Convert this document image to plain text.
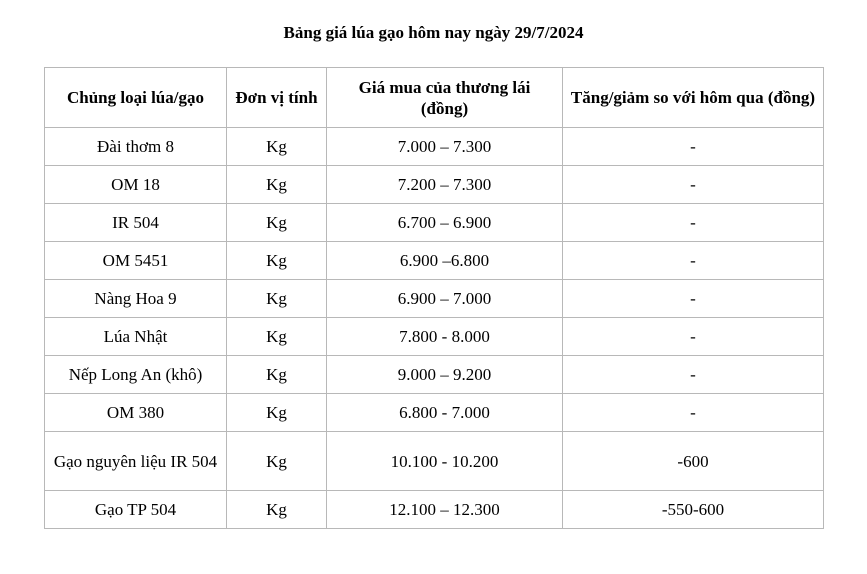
Bảng giá lúa gạo hôm nay ngày 29/7/2024
Chủng loại lúa/gạo	Đơn vị tính	Giá mua của thương lái (đồng)	Tăng/giảm so với hôm qua (đồng)
Đài thơm 8	Kg	7.000 – 7.300	-
OM 18	Kg	7.200 – 7.300	-
IR 504	Kg	6.700 – 6.900	-
OM 5451	Kg	6.900 –6.800	-
Nàng Hoa 9	Kg	6.900 – 7.000	-
Lúa Nhật	Kg	7.800 - 8.000	-
Nếp Long An (khô)	Kg	9.000 – 9.200	-
OM 380	Kg	6.800 - 7.000	-
Gạo nguyên liệu IR 504	Kg	10.100 - 10.200	-600
Gạo TP 504	Kg	12.100 – 12.300	-550-600
